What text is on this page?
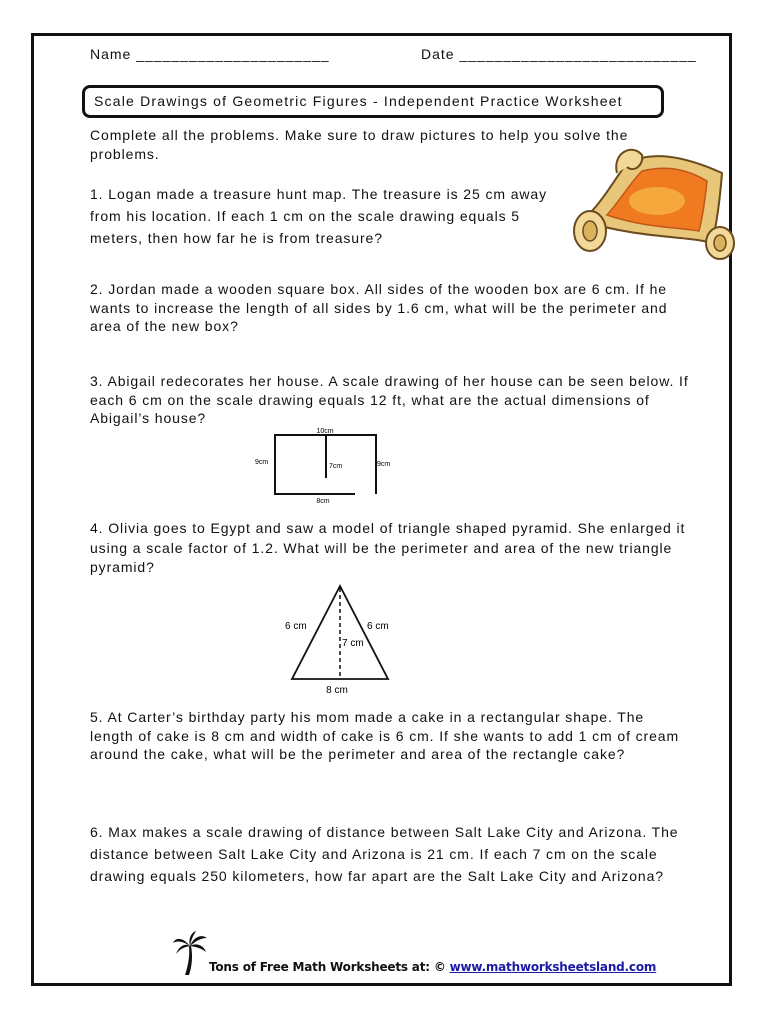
Name ______________________	Date ___________________________
Scale Drawings of Geometric Figures - Independent Practice Worksheet
Complete all the problems. Make sure to draw pictures to help you solve the problems.
1. Logan made a treasure hunt map. The treasure is 25 cm away from his location. If each 1 cm on the scale drawing equals 5 meters, then how far he is from treasure?
2. Jordan made a wooden square box. All sides of the wooden box are 6 cm. If he wants to increase the length of all sides by 1.6 cm, what will be the perimeter and area of the new box?
3. Abigail redecorates her house. A scale drawing of her house can be seen below. If each 6 cm on the scale drawing equals 12 ft, what are the actual dimensions of Abigail’s house?
10cm
9cm
7cm	9cm
8cm
4. Olivia goes to Egypt and saw a model of triangle shaped pyramid. She enlarged it using a scale factor of 1.2. What will be the perimeter and area of the new triangle pyramid?
6 cm	6 cm
7 cm
8 cm
5. At Carter’s birthday party his mom made a cake in a rectangular shape. The length of cake is 8 cm and width of cake is 6 cm. If she wants to add 1 cm of cream around the cake, what will be the perimeter and area of the rectangle cake?
6. Max makes a scale drawing of distance between Salt Lake City and Arizona. The distance between Salt Lake City and Arizona is 21 cm. If each 7 cm on the scale drawing equals 250 kilometers, how far apart are the Salt Lake City and Arizona?
Tons of Free Math Worksheets at: © www.mathworksheetsland.com
